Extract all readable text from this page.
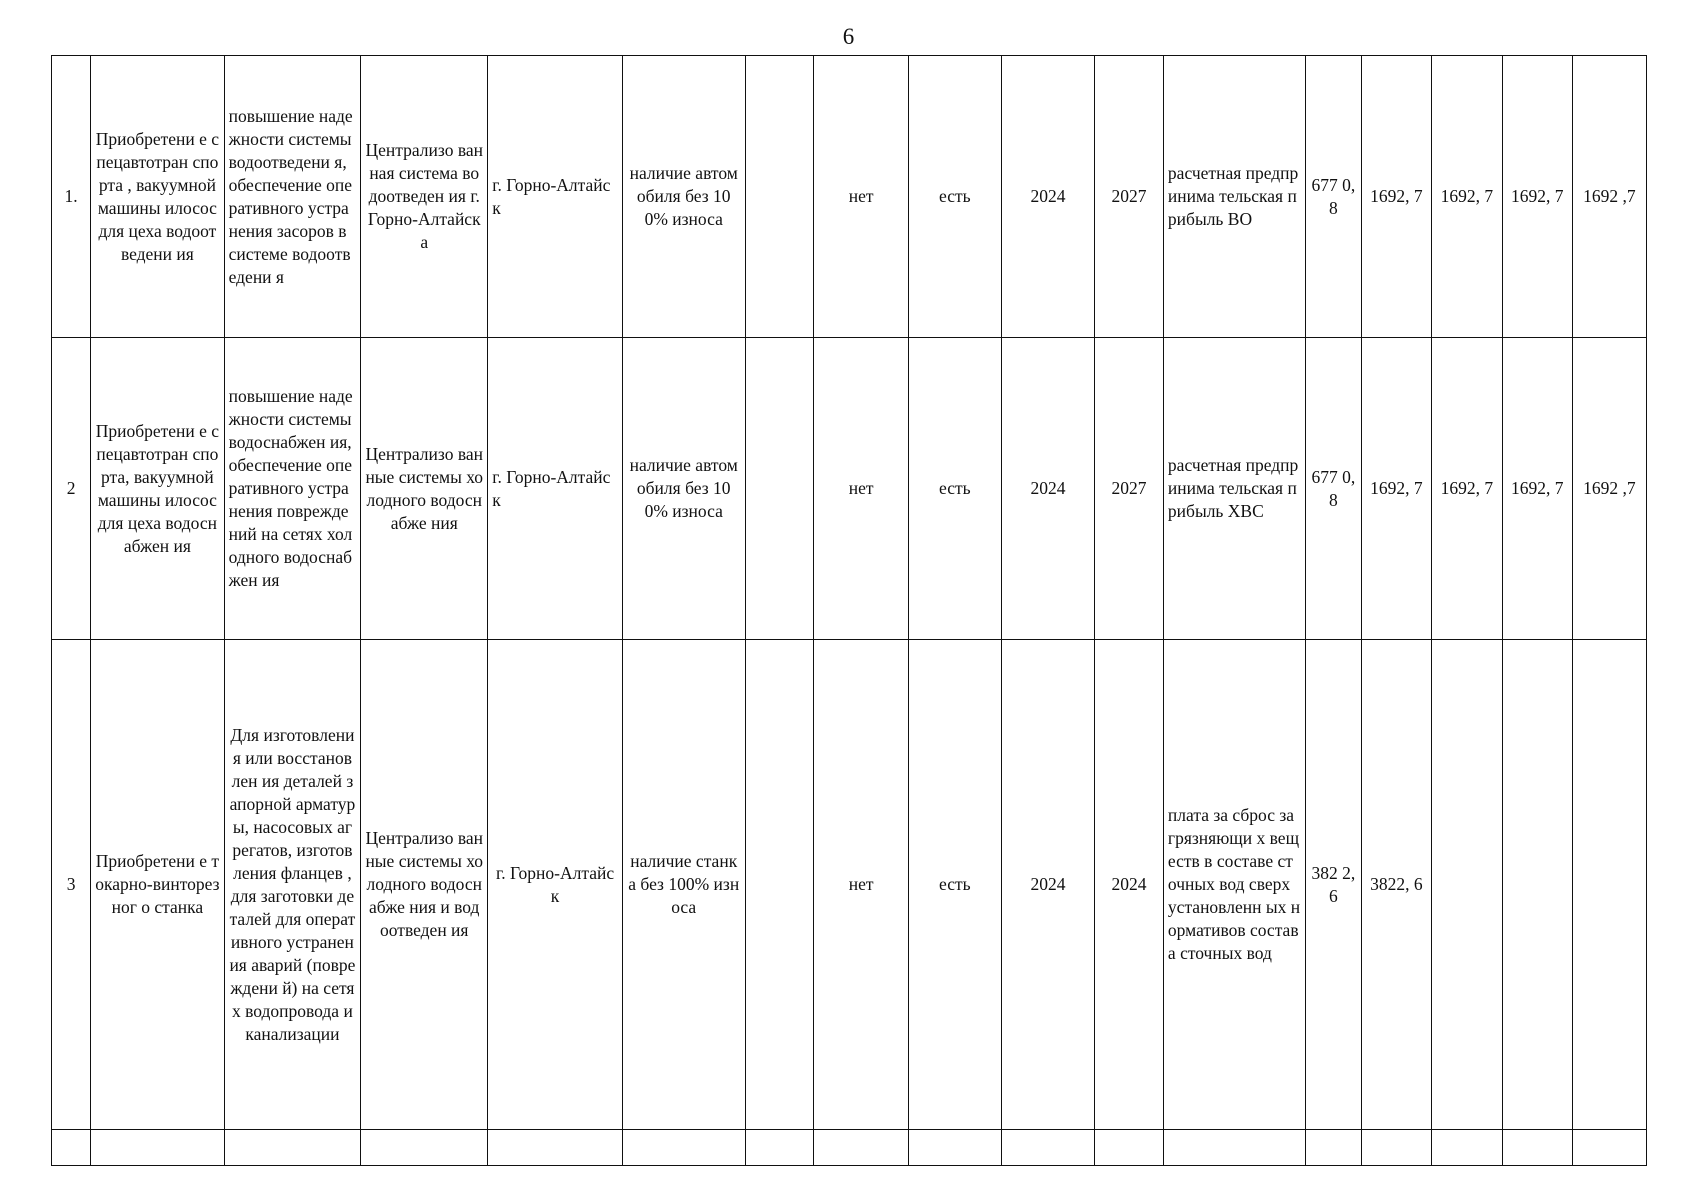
6
1.	Приобретени е спецавтотран спорта , вакуумной машины илосос для цеха водоотведени ия	повышение надежности системы водоотведени я, обеспечение оперативного устранения засоров в системе водоотведени я	Централизо ванная система водоотведен ия г. Горно-Алтайска	г. Горно-Алтайск	наличие автомобиля без 100% износа		нет	есть	2024	2027	расчетная предпринима тельская прибыль ВО	677 0,8	1692, 7	1692, 7	1692, 7	1692 ,7
2	Приобретени е спецавтотран спорта, вакуумной машины илосос для цеха водоснабжен ия	повышение надежности системы водоснабжен ия, обеспечение оперативного устранения повреждений на сетях холодного водоснабжен ия	Централизо ванные системы холодного водоснабже ния	г. Горно-Алтайск	наличие автомобиля без 100% износа		нет	есть	2024	2027	расчетная предпринима тельская прибыль ХВС	677 0,8	1692, 7	1692, 7	1692, 7	1692 ,7
3	Приобретени е токарно-винторезног о станка	Для изготовления или восстановлен ия деталей запорной арматуры, насосовых агрегатов, изготовления фланцев , для заготовки деталей для оперативного устранения аварий (повреждени й) на сетях водопровода и канализации	Централизо ванные системы холодного водоснабже ния и водоотведен ия	г. Горно-Алтайск	наличие станка без 100% износа		нет	есть	2024	2024	плата за сброс загрязняющи х веществ в составе сточных вод сверх установленн ых нормативов состава сточных вод	382 2,6	3822, 6			
